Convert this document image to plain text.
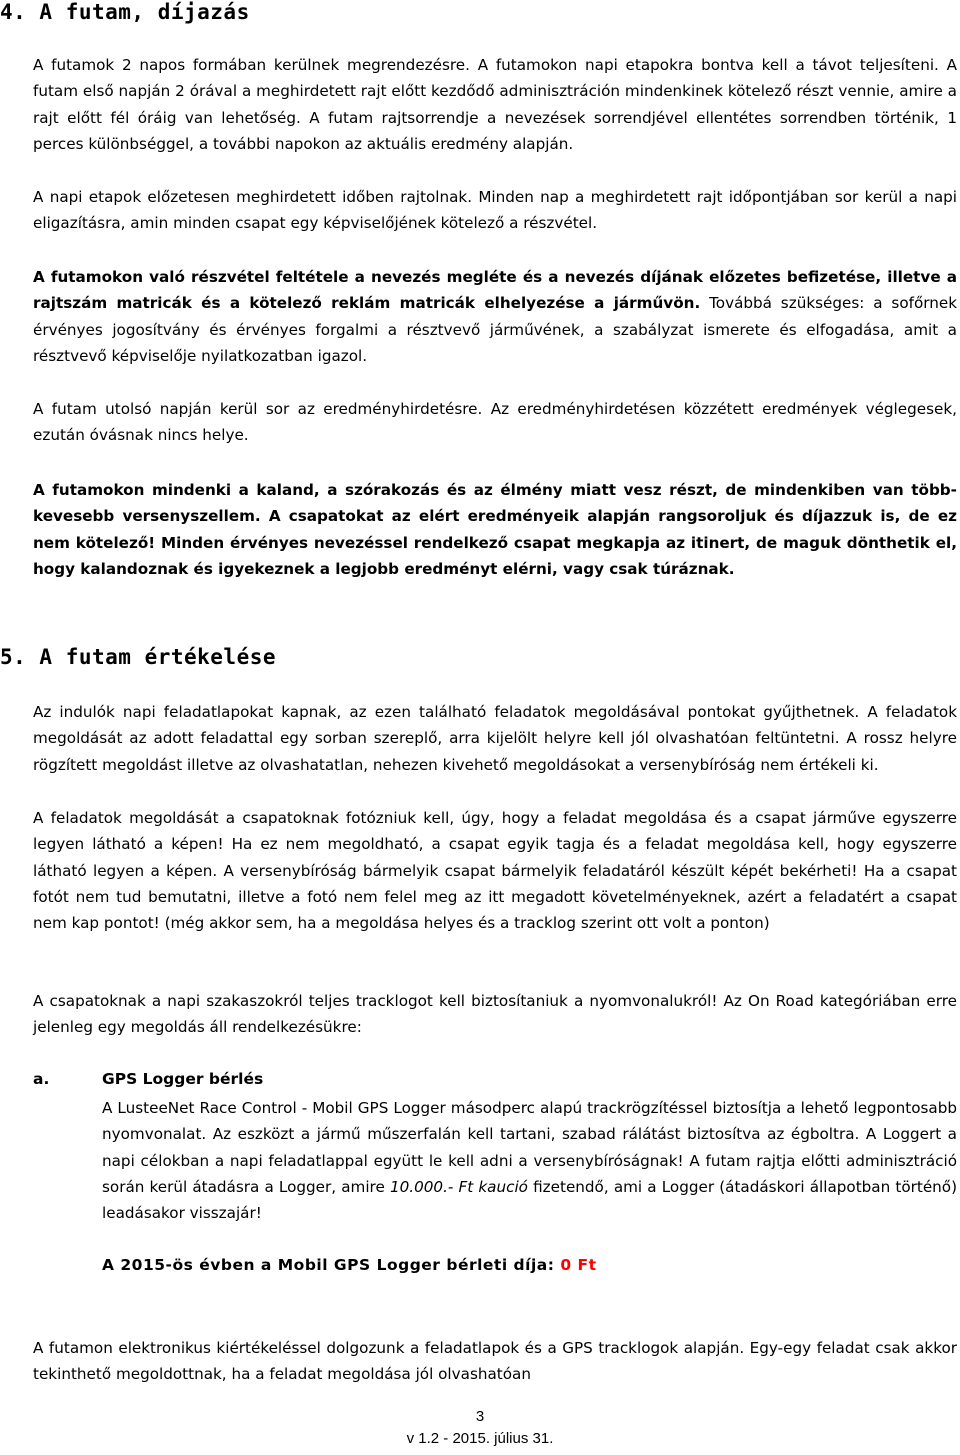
4. A futam, díjazás

A futamok 2 napos formában kerülnek megrendezésre. A futamokon napi etapokra bontva kell a távot teljesíteni. A futam első napján 2 órával a meghirdetett rajt előtt kezdődő adminisztráción mindenkinek kötelező részt vennie, amire a rajt előtt fél óráig van lehetőség. A futam rajtsorrendje a nevezések sorrendjével ellentétes sorrendben történik, 1 perces különbséggel, a további napokon az aktuális eredmény alapján.

A napi etapok előzetesen meghirdetett időben rajtolnak. Minden nap a meghirdetett rajt időpontjában sor kerül a napi eligazításra, amin minden csapat egy képviselőjének kötelező a részvétel.

A futamokon való részvétel feltétele a nevezés megléte és a nevezés díjának előzetes befizetése, illetve a rajtszám matricák és a kötelező reklám matricák elhelyezése a járművön. Továbbá szükséges: a sofőrnek érvényes jogosítvány és érvényes forgalmi a résztvevő járművének, a szabályzat ismerete és elfogadása, amit a résztvevő képviselője nyilatkozatban igazol.

A futam utolsó napján kerül sor az eredményhirdetésre. Az eredményhirdetésen közzétett eredmények véglegesek, ezután óvásnak nincs helye.

A futamokon mindenki a kaland, a szórakozás és az élmény miatt vesz részt, de mindenkiben van több-kevesebb versenyszellem. A csapatokat az elért eredményeik alapján rangsoroljuk és díjazzuk is, de ez nem kötelező! Minden érvényes nevezéssel rendelkező csapat megkapja az itinert, de maguk dönthetik el, hogy kalandoznak és igyekeznek a legjobb eredményt elérni, vagy csak túráznak.

5. A futam értékelése

Az indulók napi feladatlapokat kapnak, az ezen található feladatok megoldásával pontokat gyűjthetnek. A feladatok megoldását az adott feladattal egy sorban szereplő, arra kijelölt helyre kell jól olvashatóan feltüntetni. A rossz helyre rögzített megoldást illetve az olvashatatlan, nehezen kivehető megoldásokat a versenybíróság nem értékeli ki.

A feladatok megoldását a csapatoknak fotózniuk kell, úgy, hogy a feladat megoldása és a csapat járműve egyszerre legyen látható a képen! Ha ez nem megoldható, a csapat egyik tagja és a feladat megoldása kell, hogy egyszerre látható legyen a képen. A versenybíróság bármelyik csapat bármelyik feladatáról készült képét bekérheti! Ha a csapat fotót nem tud bemutatni, illetve a fotó nem felel meg az itt megadott követelményeknek, azért a feladatért a csapat nem kap pontot! (még akkor sem, ha a megoldása helyes és a tracklog szerint ott volt a ponton)

A csapatoknak a napi szakaszokról teljes tracklogot kell biztosítaniuk a nyomvonalukról! Az On Road kategóriában erre jelenleg egy megoldás áll rendelkezésükre:

a.	GPS Logger bérlés

A LusteeNet Race Control - Mobil GPS Logger másodperc alapú trackrögzítéssel biztosítja a lehető legpontosabb nyomvonalat. Az eszközt a jármű műszerfalán kell tartani, szabad rálátást biztosítva az égboltra. A Loggert a napi célokban a napi feladatlappal együtt le kell adni a versenybíróságnak! A futam rajtja előtti adminisztráció során kerül átadásra a Logger, amire 10.000.- Ft kaució fizetendő, ami a Logger (átadáskori állapotban történő) leadásakor visszajár!

A 2015-ös évben a Mobil GPS Logger bérleti díja: 0 Ft

A futamon elektronikus kiértékeléssel dolgozunk a feladatlapok és a GPS tracklogok alapján. Egy-egy feladat csak akkor tekinthető megoldottnak, ha a feladat megoldása jól olvashatóan

3
v 1.2 - 2015. július 31.
